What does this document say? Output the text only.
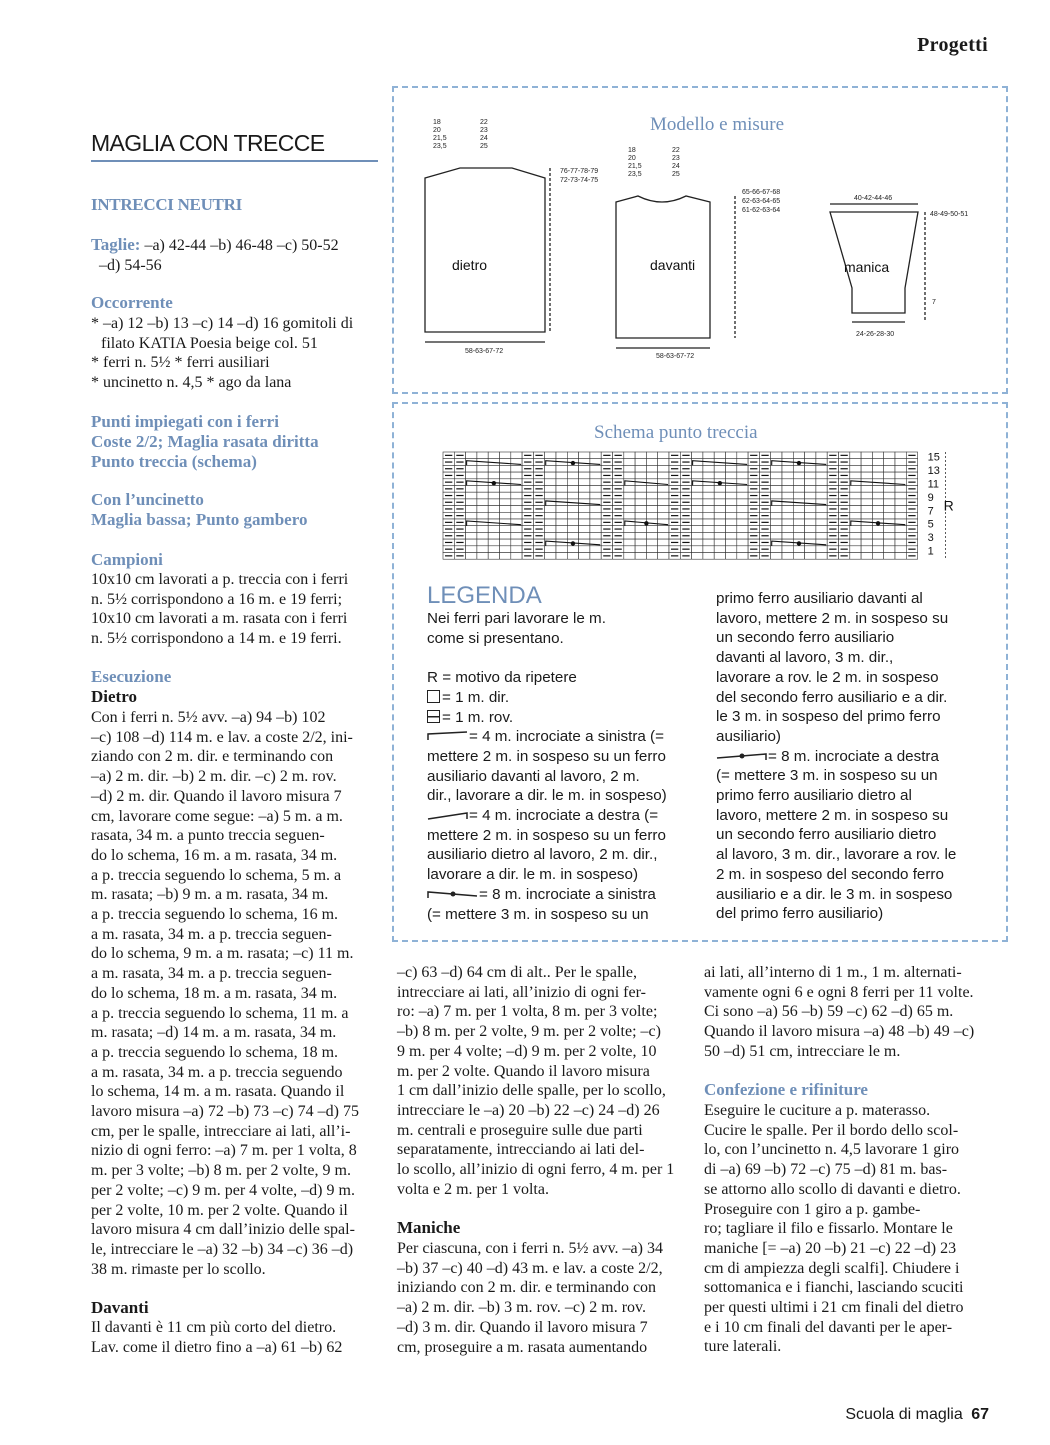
Progetti
MAGLIA CON TRECCE
INTRECCI NEUTRI
Taglie: –a) 42-44 –b) 46-48 –c) 50-52
–d) 54-56
Occorrente
* –a) 12 –b) 13 –c) 14 –d) 16 gomitoli di
filato KATIA Poesia beige col. 51
* ferri n. 5½ * ferri ausiliari
* uncinetto n. 4,5 * ago da lana
Punti impiegati con i ferri
Coste 2/2; Maglia rasata diritta
Punto treccia (schema)
Con l’uncinetto
Maglia bassa; Punto gambero
Campioni
10x10 cm lavorati a p. treccia con i ferri
n. 5½ corrispondono a 16 m. e 19 ferri;
10x10 cm lavorati a m. rasata con i ferri
n. 5½ corrispondono a 14 m. e 19 ferri.
Esecuzione
Dietro
Con i ferri n. 5½ avv. –a) 94 –b) 102
–c) 108 –d) 114 m. e lav. a coste 2/2, ini-
ziando con 2 m. dir. e terminando con
–a) 2 m. dir. –b) 2 m. dir. –c) 2 m. rov.
–d) 2 m. dir. Quando il lavoro misura 7
cm, lavorare come segue: –a) 5 m. a m.
rasata, 34 m. a punto treccia seguen-
do lo schema, 16 m. a m. rasata, 34 m.
a p. treccia seguendo lo schema, 5 m. a
m. rasata; –b) 9 m. a m. rasata, 34 m.
a p. treccia seguendo lo schema, 16 m.
a m. rasata, 34 m. a p. treccia seguen-
do lo schema, 9 m. a m. rasata; –c) 11 m.
a m. rasata, 34 m. a p. treccia seguen-
do lo schema, 18 m. a m. rasata, 34 m.
a p. treccia seguendo lo schema, 11 m. a
m. rasata; –d) 14 m. a m. rasata, 34 m.
a p. treccia seguendo lo schema, 18 m.
a m. rasata, 34 m. a p. treccia seguendo
lo schema, 14 m. a m. rasata. Quando il
lavoro misura –a) 72 –b) 73 –c) 74 –d) 75
cm, per le spalle, intrecciare ai lati, all’i-
nizio di ogni ferro: –a) 7 m. per 1 volta, 8
m. per 3 volte; –b) 8 m. per 2 volte, 9 m.
per 2 volte; –c) 9 m. per 4 volte, –d) 9 m.
per 2 volte, 10 m. per 2 volte. Quando il
lavoro misura 4 cm dall’inizio delle spal-
le, intrecciare le –a) 32 –b) 34 –c) 36 –d)
38 m. rimaste per lo scollo.
Davanti
Il davanti è 11 cm più corto del dietro.
Lav. come il dietro fino a –a) 61 –b) 62
Modello e misure
18
20
21,5
23,5
22
23
24
25
76-77-78-79
72-73-74-75
58-63-67-72
18
20
21,5
23,5
22
23
24
25
65-66-67-68
62-63-64-65
61-62-63-64
58-63-67-72
40-42-44-46
48-49-50-51
7
24-26-28-30
dietro	davanti	manica
Schema punto treccia
15
13
11
9
7
5
3
1
R
LEGENDA
Nei ferri pari lavorare le m.
come si presentano.

R = motivo da ripetere
= 1 m. dir.
= 1 m. rov.
= 4 m. incrociate a sinistra (=
mettere 2 m. in sospeso su un ferro
ausiliario davanti al lavoro, 2 m.
dir., lavorare a dir. le m. in sospeso)
= 4 m. incrociate a destra (=
mettere 2 m. in sospeso su un ferro
ausiliario dietro al lavoro, 2 m. dir.,
lavorare a dir. le m. in sospeso)
= 8 m. incrociate a sinistra
(= mettere 3 m. in sospeso su un
primo ferro ausiliario davanti al
lavoro, mettere 2 m. in sospeso su
un secondo ferro ausiliario
davanti al lavoro, 3 m. dir.,
lavorare a rov. le 2 m. in sospeso
del secondo ferro ausiliario e a dir.
le 3 m. in sospeso del primo ferro
ausiliario)
= 8 m. incrociate a destra
(= mettere 3 m. in sospeso su un
primo ferro ausiliario dietro al
lavoro, mettere 2 m. in sospeso su
un secondo ferro ausiliario dietro
al lavoro, 3 m. dir., lavorare a rov. le
2 m. in sospeso del secondo ferro
ausiliario e a dir. le 3 m. in sospeso
del primo ferro ausiliario)
–c) 63 –d) 64 cm di alt.. Per le spalle,
intrecciare ai lati, all’inizio di ogni fer-
ro: –a) 7 m. per 1 volta, 8 m. per 3 volte;
–b) 8 m. per 2 volte, 9 m. per 2 volte; –c)
9 m. per 4 volte; –d) 9 m. per 2 volte, 10
m. per 2 volte. Quando il lavoro misura
1 cm dall’inizio delle spalle, per lo scollo,
intrecciare le –a) 20 –b) 22 –c) 24 –d) 26
m. centrali e proseguire sulle due parti
separatamente, intrecciando ai lati del-
lo scollo, all’inizio di ogni ferro, 4 m. per 1
volta e 2 m. per 1 volta.
Maniche
Per ciascuna, con i ferri n. 5½ avv. –a) 34
–b) 37 –c) 40 –d) 43 m. e lav. a coste 2/2,
iniziando con 2 m. dir. e terminando con
–a) 2 m. dir. –b) 3 m. rov. –c) 2 m. rov.
–d) 3 m. dir. Quando il lavoro misura 7
cm, proseguire a m. rasata aumentando
ai lati, all’interno di 1 m., 1 m. alternati-
vamente ogni 6 e ogni 8 ferri per 11 volte.
Ci sono –a) 56 –b) 59 –c) 62 –d) 65 m.
Quando il lavoro misura –a) 48 –b) 49 –c)
50 –d) 51 cm, intrecciare le m.
Confezione e rifiniture
Eseguire le cuciture a p. materasso.
Cucire le spalle. Per il bordo dello scol-
lo, con l’uncinetto n. 4,5 lavorare 1 giro
di –a) 69 –b) 72 –c) 75 –d) 81 m. bas-
se attorno allo scollo di davanti e dietro.
Proseguire con 1 giro a p. gambe-
ro; tagliare il filo e fissarlo. Montare le
maniche [= –a) 20 –b) 21 –c) 22 –d) 23
cm di ampiezza degli scalfi]. Chiudere i
sottomanica e i fianchi, lasciando scuciti
per questi ultimi i 21 cm finali del dietro
e i 10 cm finali del davanti per le aper-
ture laterali.
Scuola di maglia 67
